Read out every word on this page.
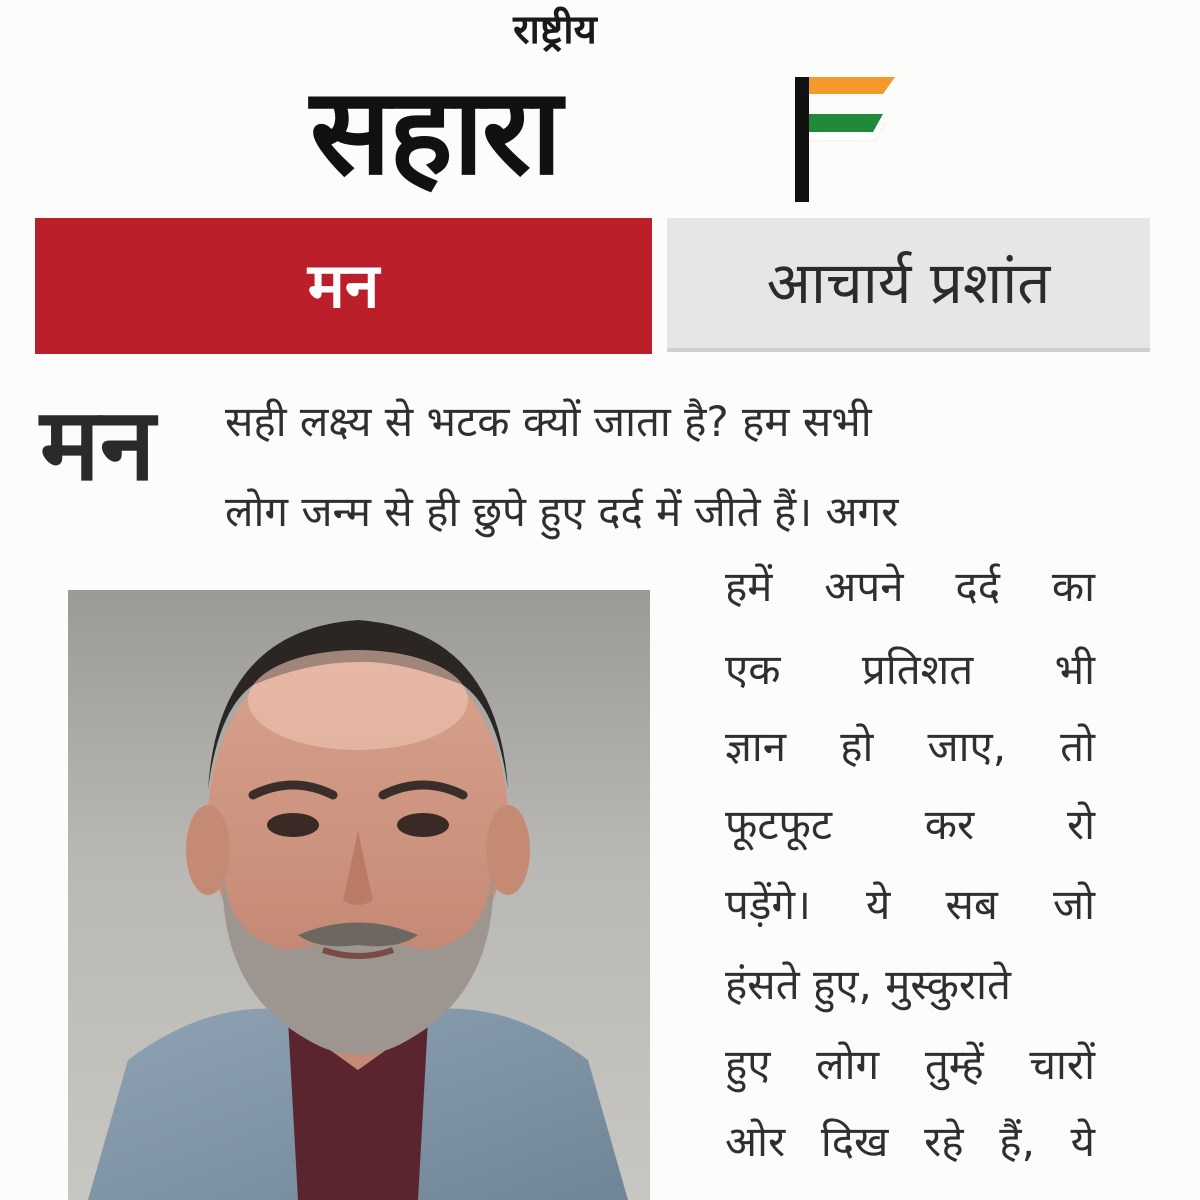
राष्ट्रीय
सहारा
मन	आचार्य प्रशांत
मन	सही लक्ष्य से भटक क्यों जाता है? हम सभी
लोग जन्म से ही छुपे हुए दर्द में जीते हैं। अगर
हमें अपने दर्द का
एक प्रतिशत भी
ज्ञान हो जाए, तो
फूटफूट कर रो
पड़ेंगे। ये सब जो
हंसते हुए, मुस्कुराते
हुए लोग तुम्हें चारों
ओर दिख रहे हैं, ये
